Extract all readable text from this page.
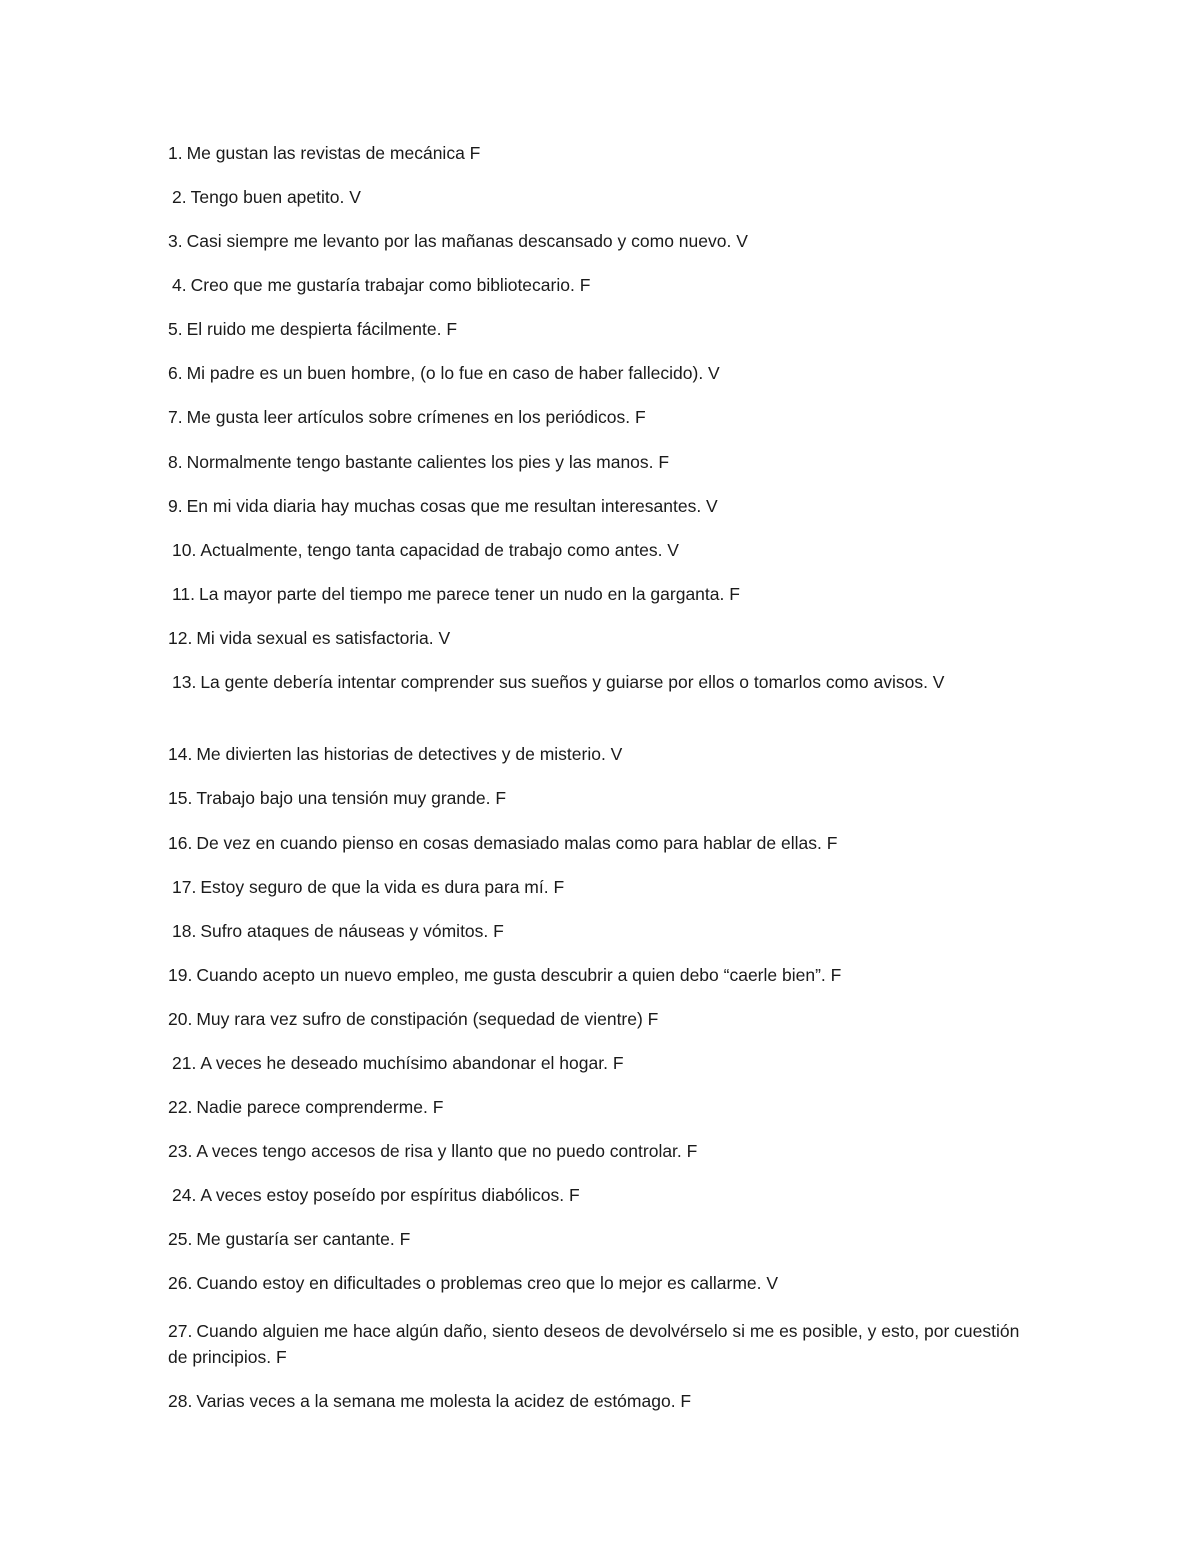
1. Me gustan las revistas de mecánica F
2. Tengo buen apetito. V
3. Casi siempre me levanto por las mañanas descansado y como nuevo. V
4. Creo que me gustaría trabajar como bibliotecario. F
5. El ruido me despierta fácilmente. F
6. Mi padre es un buen hombre, (o lo fue en caso de haber fallecido). V
7. Me gusta leer artículos sobre crímenes en los periódicos. F
8. Normalmente tengo bastante calientes los pies y las manos. F
9. En mi vida diaria hay muchas cosas que me resultan interesantes. V
10. Actualmente, tengo tanta capacidad de trabajo como antes. V
11. La mayor parte del tiempo me parece tener un nudo en la garganta. F
12. Mi vida sexual es satisfactoria. V
13. La gente debería intentar comprender sus sueños y guiarse por ellos o tomarlos como avisos. V
14. Me divierten las historias de detectives y de misterio. V
15. Trabajo bajo una tensión muy grande. F
16. De vez en cuando pienso en cosas demasiado malas como para hablar de ellas. F
17. Estoy seguro de que la vida es dura para mí. F
18. Sufro ataques de náuseas y vómitos. F
19. Cuando acepto un nuevo empleo, me gusta descubrir a quien debo “caerle bien”. F
20. Muy rara vez sufro de constipación (sequedad de vientre) F
21. A veces he deseado muchísimo abandonar el hogar. F
22. Nadie parece comprenderme. F
23. A veces tengo accesos de risa y llanto que no puedo controlar. F
24. A veces estoy poseído por espíritus diabólicos. F
25. Me gustaría ser cantante. F
26. Cuando estoy en dificultades o problemas creo que lo mejor es callarme. V
27. Cuando alguien me hace algún daño, siento deseos de devolvérselo si me es posible, y esto, por cuestión de principios. F
28. Varias veces a la semana me molesta la acidez de estómago. F
